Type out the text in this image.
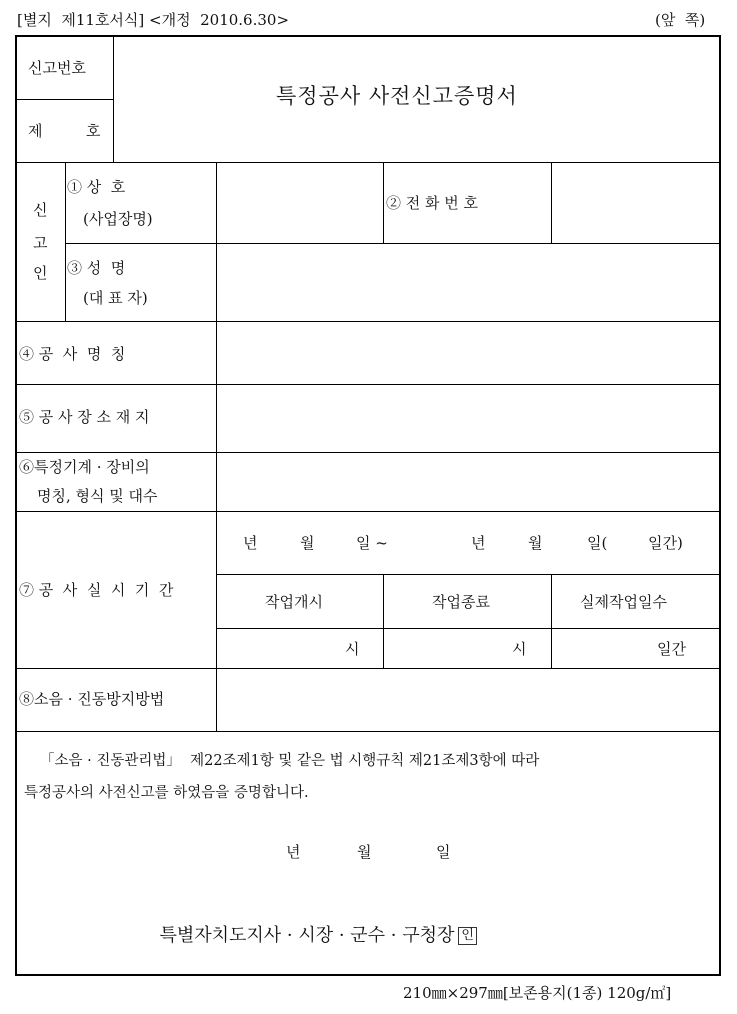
[별지  제11호서식] <개정  2010.6.30>	(앞  쪽)
신고번호
제	호
특정공사 사전신고증명서
신
고
인
① 상  호
(사업장명)
② 전 화 번 호
③ 성  명
(대 표 자)
④ 공  사  명  칭
⑤ 공 사 장 소 재 지
⑥특정기계 · 장비의
명칭, 형식 및 대수
⑦ 공  사  실  시  기  간
년	월	일 ~	년	월	일(	일간)
작업개시	작업종료	실제작업일수
시	시	일간
⑧소음 · 진동방지방법
「소음 · 진동관리법」  제22조제1항 및 같은 법 시행규칙 제21조제3항에 따라
특정공사의 사전신고를 하였음을 증명합니다.
년	월	일

특별자치도지사 · 시장 · 군수 · 구청장 인

210㎜×297㎜[보존용지(1종) 120g/㎡]
